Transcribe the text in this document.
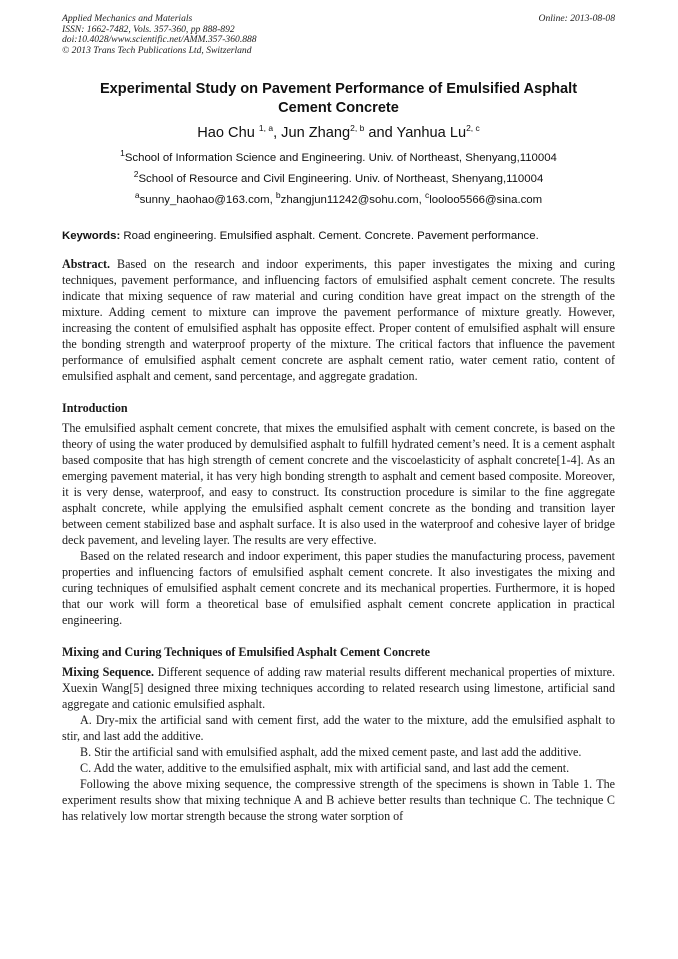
Applied Mechanics and Materials
ISSN: 1662-7482, Vols. 357-360, pp 888-892
doi:10.4028/www.scientific.net/AMM.357-360.888
© 2013 Trans Tech Publications Ltd, Switzerland
Online: 2013-08-08
Experimental Study on Pavement Performance of Emulsified Asphalt
Cement Concrete
Hao Chu $^{1, a}$, Jun Zhang$^{2, b}$ and Yanhua Lu$^{2, c}$
$^1$School of Information Science and Engineering. Univ. of Northeast, Shenyang,110004
$^2$School of Resource and Civil Engineering. Univ. of Northeast, Shenyang,110004
$^a$sunny_haohao@163.com, $^b$zhangjun11242@sohu.com, $^c$looloo5566@sina.com
Keywords: Road engineering. Emulsified asphalt. Cement. Concrete. Pavement performance.

Abstract. Based on the research and indoor experiments, this paper investigates the mixing and curing techniques, pavement performance, and influencing factors of emulsified asphalt cement concrete. The results indicate that mixing sequence of raw material and curing condition have great impact on the strength of the mixture. Adding cement to mixture can improve the pavement performance of mixture greatly. However, increasing the content of emulsified asphalt has opposite effect. Proper content of emulsified asphalt will ensure the bonding strength and waterproof property of the mixture. The critical factors that influence the pavement performance of emulsified asphalt cement concrete are asphalt cement ratio, water cement ratio, content of emulsified asphalt and cement, sand percentage, and aggregate gradation.

Introduction

The emulsified asphalt cement concrete, that mixes the emulsified asphalt with cement concrete, is based on the theory of using the water produced by demulsified asphalt to fulfill hydrated cement’s need. It is a cement asphalt based composite that has high strength of cement concrete and the viscoelasticity of asphalt concrete[1-4]. As an emerging pavement material, it has very high bonding strength to asphalt and cement based composite. Moreover, it is very dense, waterproof, and easy to construct. Its construction procedure is similar to the fine aggregate asphalt concrete, while applying the emulsified asphalt cement concrete as the bonding and transition layer between cement stabilized base and asphalt surface. It is also used in the waterproof and cohesive layer of bridge deck pavement, and leveling layer. The results are very effective.

Based on the related research and indoor experiment, this paper studies the manufacturing process, pavement properties and influencing factors of emulsified asphalt cement concrete. It also investigates the mixing and curing techniques of emulsified asphalt cement concrete and its mechanical properties. Furthermore, it is hoped that our work will form a theoretical base of emulsified asphalt cement concrete application in practical engineering.

Mixing and Curing Techniques of Emulsified Asphalt Cement Concrete

Mixing Sequence. Different sequence of adding raw material results different mechanical properties of mixture. Xuexin Wang[5] designed three mixing techniques according to related research using limestone, artificial sand aggregate and cationic emulsified asphalt.

A. Dry-mix the artificial sand with cement first, add the water to the mixture, add the emulsified asphalt to stir, and last add the additive.

B. Stir the artificial sand with emulsified asphalt, add the mixed cement paste, and last add the additive.

C. Add the water, additive to the emulsified asphalt, mix with artificial sand, and last add the cement.

Following the above mixing sequence, the compressive strength of the specimens is shown in Table 1. The experiment results show that mixing technique A and B achieve better results than technique C. The technique C has relatively low mortar strength because the strong water sorption of
